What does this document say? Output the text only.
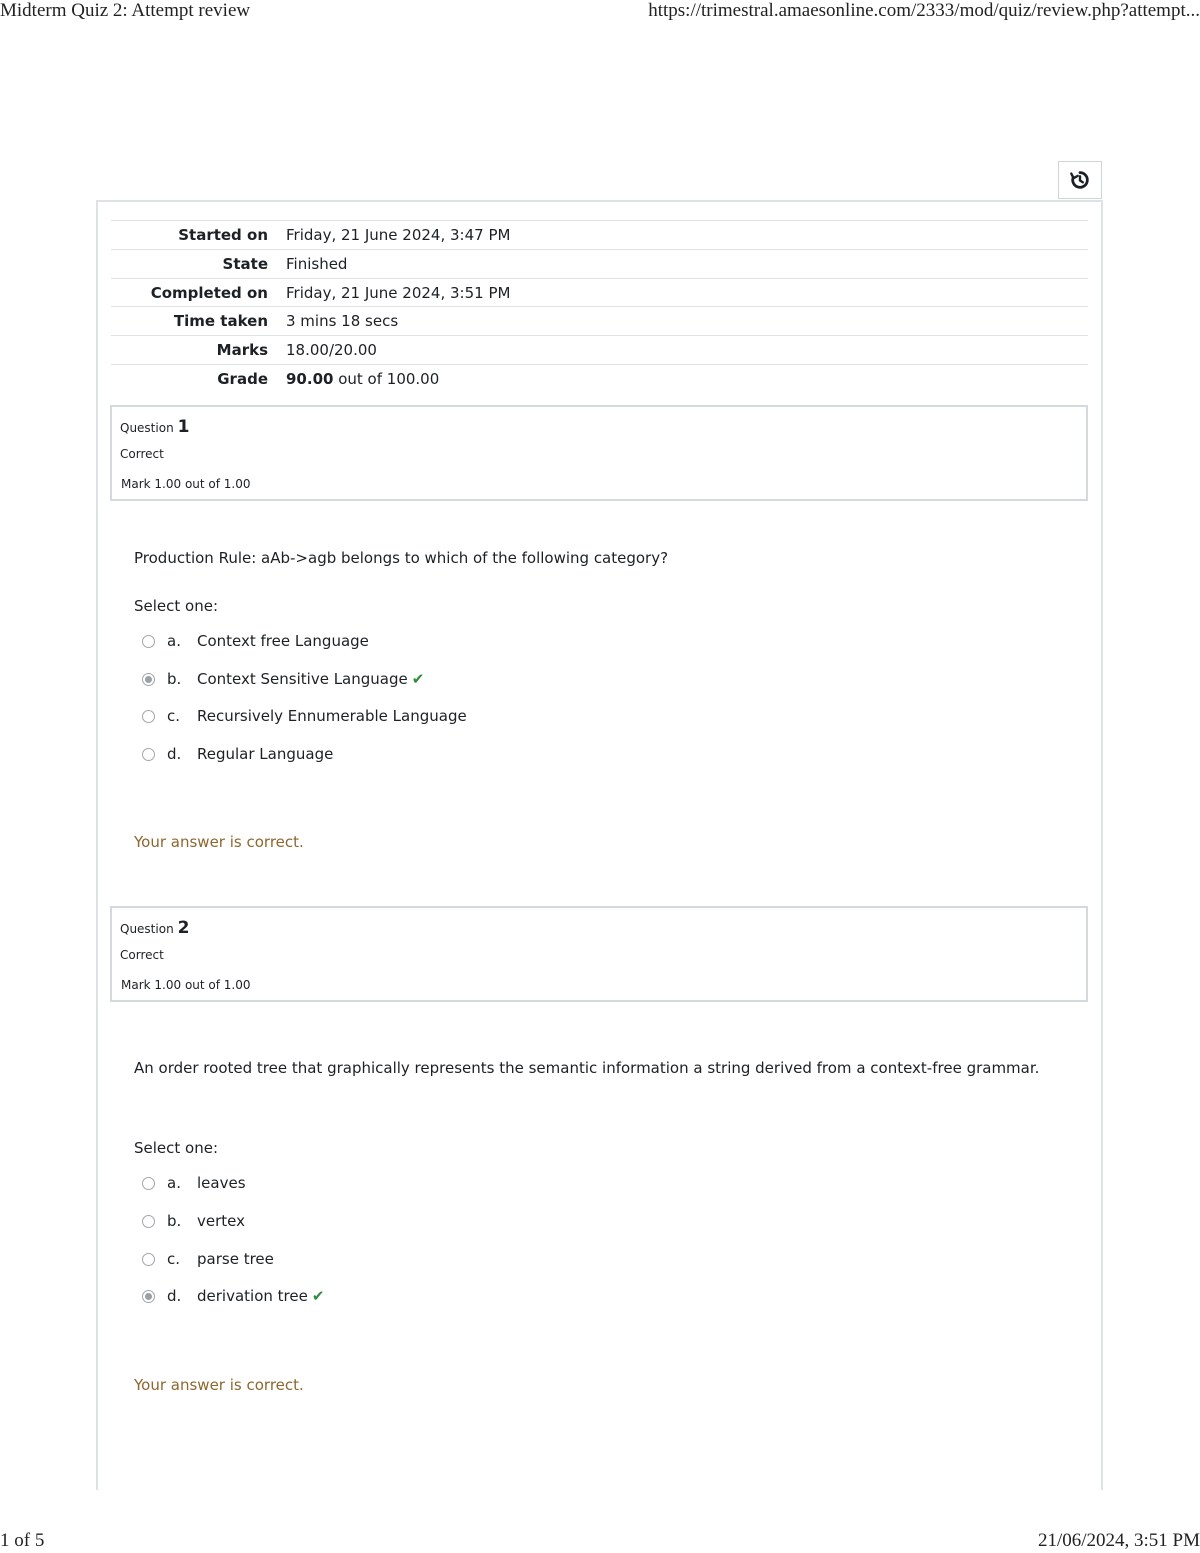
Midterm Quiz 2: Attempt review	https://trimestral.amaesonline.com/2333/mod/quiz/review.php?attempt...
Started on Friday, 21 June 2024, 3:47 PM
State Finished
Completed on Friday, 21 June 2024, 3:51 PM
Time taken 3 mins 18 secs
Marks 18.00/20.00
Grade 90.00 out of 100.00
Question 1
Correct
Mark 1.00 out of 1.00
Production Rule: aAb->agb belongs to which of the following category?
Select one:
a. Context free Language
b. Context Sensitive Language ✔
c. Recursively Ennumerable Language
d. Regular Language
Your answer is correct.
Question 2
Correct
Mark 1.00 out of 1.00
An order rooted tree that graphically represents the semantic information a string derived from a context-free grammar.
Select one:
a. leaves
b. vertex
c. parse tree
d. derivation tree ✔
Your answer is correct.
1 of 5	21/06/2024, 3:51 PM
